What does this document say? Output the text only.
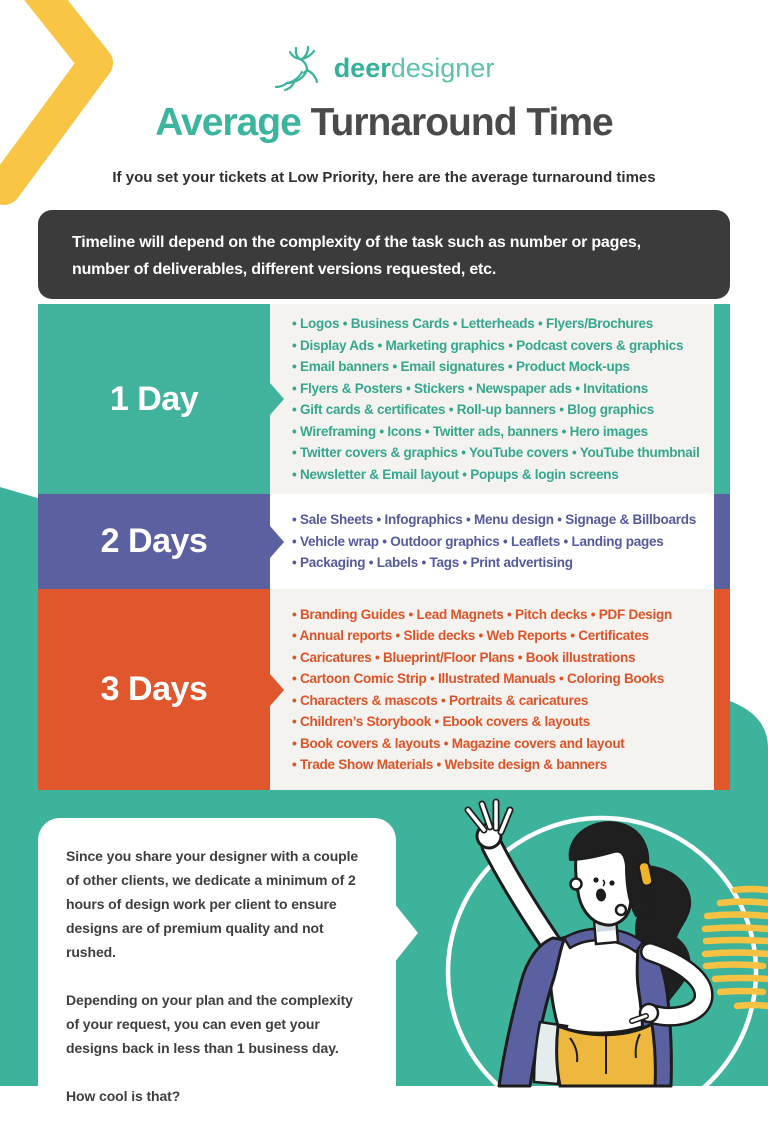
deerdesigner
Average Turnaround Time
If you set your tickets at Low Priority, here are the average turnaround times
Timeline will depend on the complexity of the task such as number or pages, number of deliverables, different versions requested, etc.
1 Day
• Logos • Business Cards • Letterheads • Flyers/Brochures
• Display Ads • Marketing graphics • Podcast covers & graphics
• Email banners • Email signatures • Product Mock-ups
• Flyers & Posters • Stickers • Newspaper ads • Invitations
• Gift cards & certificates • Roll-up banners • Blog graphics
• Wireframing • Icons • Twitter ads, banners • Hero images
• Twitter covers & graphics • YouTube covers • YouTube thumbnail
• Newsletter & Email layout • Popups & login screens
2 Days
• Sale Sheets • Infographics • Menu design • Signage & Billboards
• Vehicle wrap • Outdoor graphics • Leaflets • Landing pages
• Packaging • Labels • Tags • Print advertising
3 Days
• Branding Guides • Lead Magnets • Pitch decks • PDF Design
• Annual reports • Slide decks • Web Reports • Certificates
• Caricatures • Blueprint/Floor Plans • Book illustrations
• Cartoon Comic Strip • Illustrated Manuals • Coloring Books
• Characters & mascots • Portraits & caricatures
• Children’s Storybook • Ebook covers & layouts
• Book covers & layouts • Magazine covers and layout
• Trade Show Materials • Website design & banners

Since you share your designer with a couple of other clients, we dedicate a minimum of 2 hours of design work per client to ensure designs are of premium quality and not rushed.

Depending on your plan and the complexity of your request, you can even get your designs back in less than 1 business day.

How cool is that?
